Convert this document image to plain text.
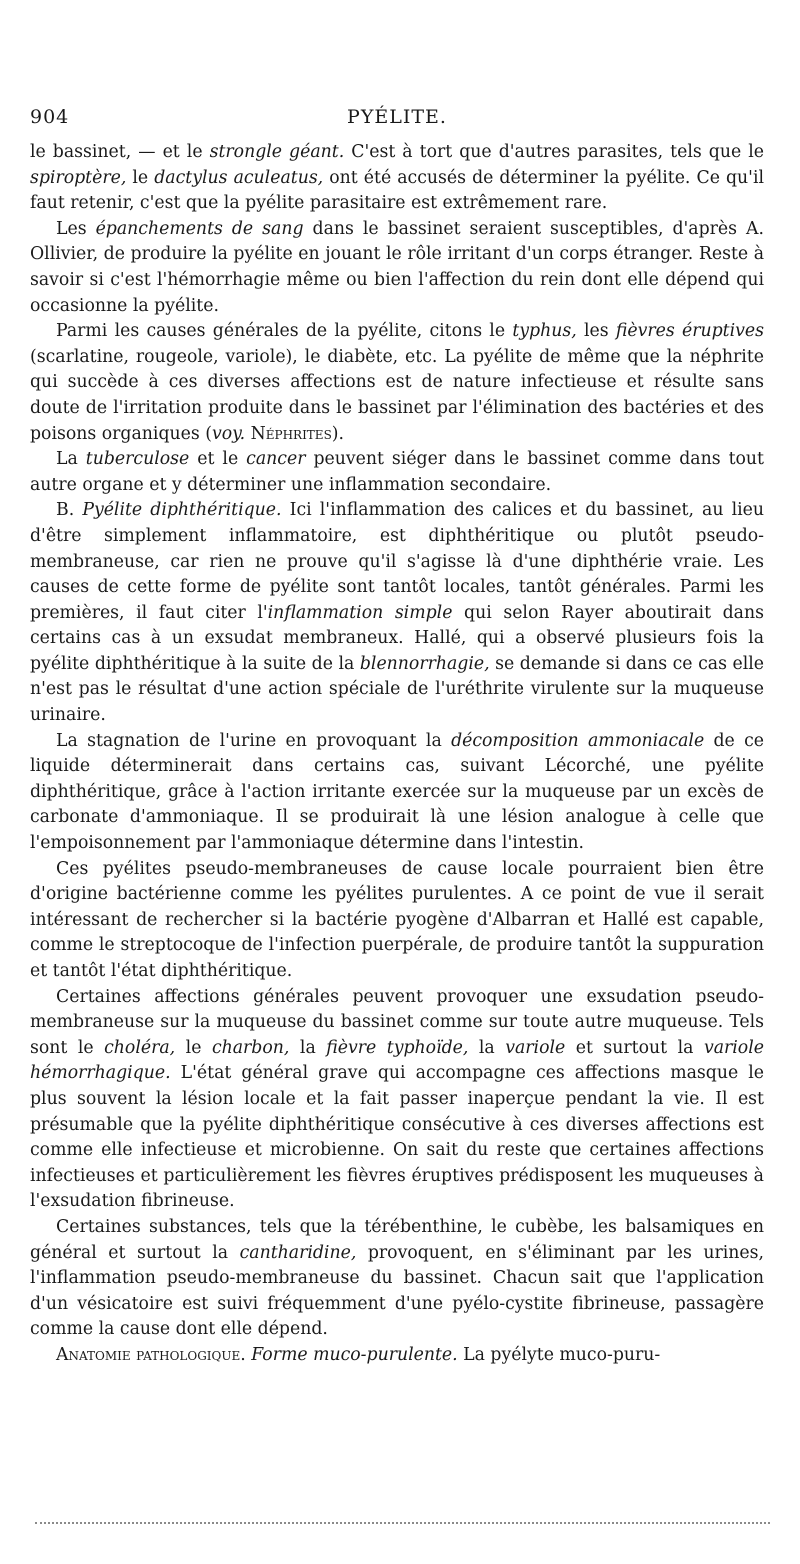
904	PYÉLITE.

le bassinet, — et le strongle géant. C'est à tort que d'autres parasites, tels que le spiroptère, le dactylus aculeatus, ont été accusés de déterminer la pyélite. Ce qu'il faut retenir, c'est que la pyélite parasitaire est extrêmement rare.

Les épanchements de sang dans le bassinet seraient susceptibles, d'après A. Ollivier, de produire la pyélite en jouant le rôle irritant d'un corps étranger. Reste à savoir si c'est l'hémorrhagie même ou bien l'affection du rein dont elle dépend qui occasionne la pyélite.

Parmi les causes générales de la pyélite, citons le typhus, les fièvres éruptives (scarlatine, rougeole, variole), le diabète, etc. La pyélite de même que la néphrite qui succède à ces diverses affections est de nature infectieuse et résulte sans doute de l'irritation produite dans le bassinet par l'élimination des bactéries et des poisons organiques (voy. Néphrites).

La tuberculose et le cancer peuvent siéger dans le bassinet comme dans tout autre organe et y déterminer une inflammation secondaire.

B. Pyélite diphthéritique. Ici l'inflammation des calices et du bassinet, au lieu d'être simplement inflammatoire, est diphthéritique ou plutôt pseudo-membraneuse, car rien ne prouve qu'il s'agisse là d'une diphthérie vraie. Les causes de cette forme de pyélite sont tantôt locales, tantôt générales. Parmi les premières, il faut citer l'inflammation simple qui selon Rayer aboutirait dans certains cas à un exsudat membraneux. Hallé, qui a observé plusieurs fois la pyélite diphthéritique à la suite de la blennorrhagie, se demande si dans ce cas elle n'est pas le résultat d'une action spéciale de l'uréthrite virulente sur la muqueuse urinaire.

La stagnation de l'urine en provoquant la décomposition ammoniacale de ce liquide déterminerait dans certains cas, suivant Lécorché, une pyélite diphthéritique, grâce à l'action irritante exercée sur la muqueuse par un excès de carbonate d'ammoniaque. Il se produirait là une lésion analogue à celle que l'empoisonnement par l'ammoniaque détermine dans l'intestin.

Ces pyélites pseudo-membraneuses de cause locale pourraient bien être d'origine bactérienne comme les pyélites purulentes. A ce point de vue il serait intéressant de rechercher si la bactérie pyogène d'Albarran et Hallé est capable, comme le streptocoque de l'infection puerpérale, de produire tantôt la suppuration et tantôt l'état diphthéritique.

Certaines affections générales peuvent provoquer une exsudation pseudo-membraneuse sur la muqueuse du bassinet comme sur toute autre muqueuse. Tels sont le choléra, le charbon, la fièvre typhoïde, la variole et surtout la variole hémorrhagique. L'état général grave qui accompagne ces affections masque le plus souvent la lésion locale et la fait passer inaperçue pendant la vie. Il est présumable que la pyélite diphthéritique consécutive à ces diverses affections est comme elle infectieuse et microbienne. On sait du reste que certaines affections infectieuses et particulièrement les fièvres éruptives prédisposent les muqueuses à l'exsudation fibrineuse.

Certaines substances, tels que la térébenthine, le cubèbe, les balsamiques en général et surtout la cantharidine, provoquent, en s'éliminant par les urines, l'inflammation pseudo-membraneuse du bassinet. Chacun sait que l'application d'un vésicatoire est suivi fréquemment d'une pyélo-cystite fibrineuse, passagère comme la cause dont elle dépend.

Anatomie pathologique. Forme muco-purulente. La pyélyte muco-puru-
